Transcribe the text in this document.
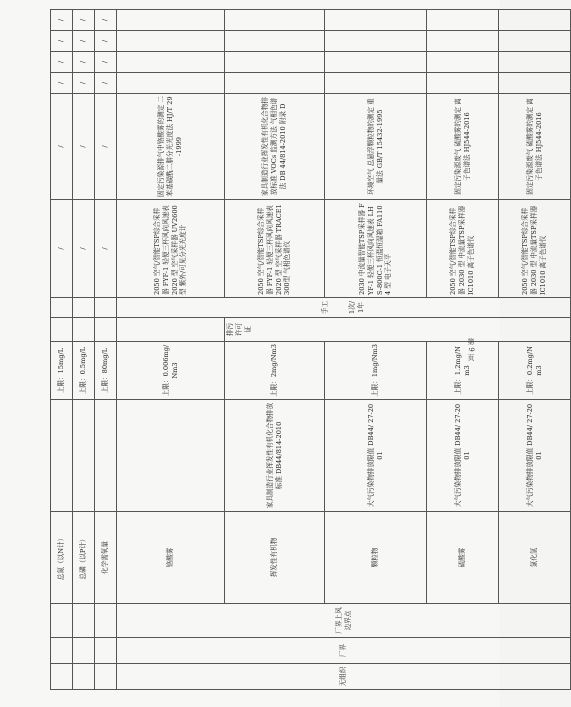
			总氮（以N计）		上限：15mg/L			/	/	/	/	/	/
			总磷（以P计）		上限：0.5mg/L			/	/	/	/	/	/
			化学需氧量		上限：80mg/L			/	/	/	/	/	/
无组织	厂界	厂界上风边界点	铬酸雾		上限：0.006mg/Nm3		手工 1次/1年	2050 空气/智能TSP综合采样器 FYF-1 轻便三杯风向风速表 2020 型 空气采样器 UV2600 型 紫外/可见分光光度计	固定污染源排气中铬酸雾的测定 二苯基碳酰二肼分光光度法 HJ/T 29-1999				
			挥发性有机物	家具制造行业挥发性有机化合物排放标准 DB44/814-2010	上限：2mg/Nm3	排污许可证		2050 空气/智能TSP综合采样器 FYF-1 轻便三杯风向风速表 2020 型 空气采样器 TRACE1300型 气相色谱仪	家具制造行业挥发性有机化合物排放标准 VOCs 监测方法 气相色谱法 DB 44/814-2010 附录 D				
			颗粒物	大气污染物排放限值 DB44/ 27-2001	上限：1mg/Nm3			2030 中流量智能TSP采样器 FYF-1 轻便三杯风向风速表 LHS-800C-1 恒温恒湿箱 FA1104 型 电子天平	环境空气 总悬浮颗粒物的测定 重量法 GB/T 15432-1995				
			硫酸雾	大气污染物排放限值 DB44/ 27-2001	上限：1.2mg/Nm3			2050 空气/智能TSP综合采样器 2030 型 中流量TSP采样器 IC1010 离子色谱仪	固定污染源废气 硫酸雾的测定 离子色谱法 HJ544-2016				
			氯化氢	大气污染物排放限值 DB44/ 27-2001	上限：0.2mg/Nm3			2050 空气/智能TSP综合采样器 2030 型 中流量TSP采样器 IC1010 离子色谱仪	固定污染源废气 硫酸雾的测定 离子色谱法 HJ544-2016				
第 9 页
